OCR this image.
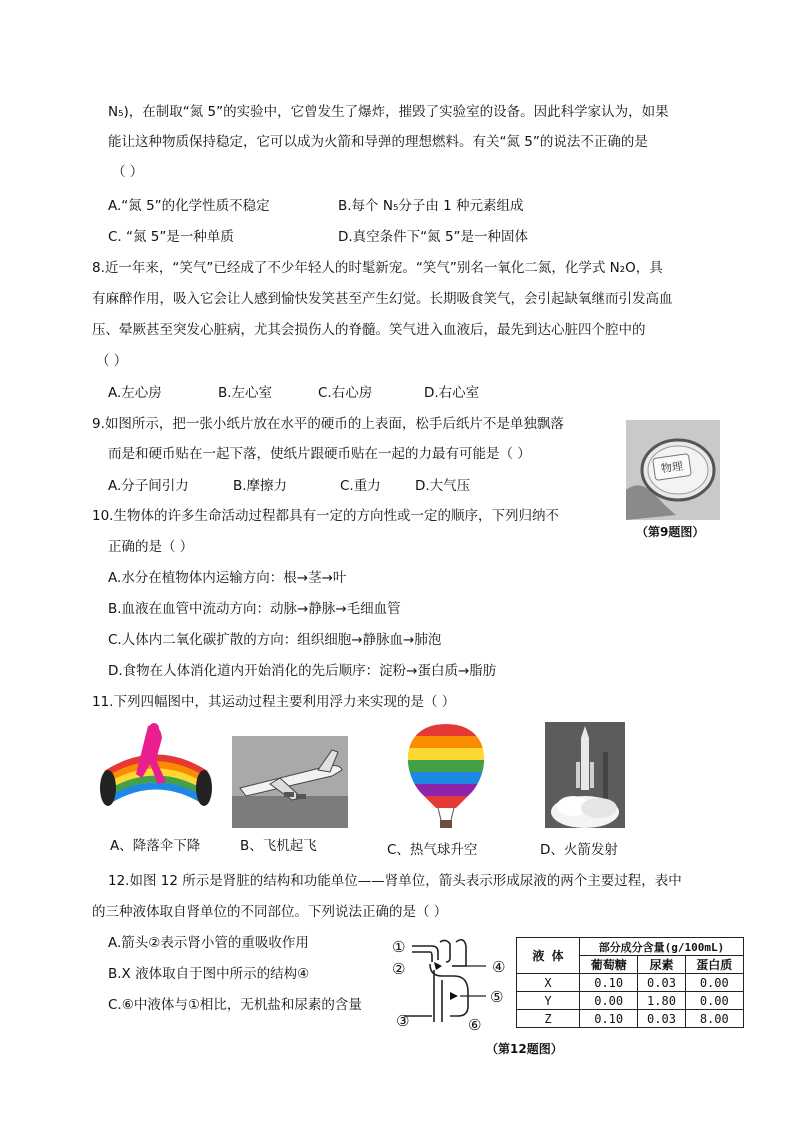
N₅)，在制取“氮 5”的实验中，它曾发生了爆炸，摧毁了实验室的设备。因此科学家认为，如果
能让这种物质保持稳定，它可以成为火箭和导弹的理想燃料。有关“氮 5”的说法不正确的是
（ ）
A.“氮 5”的化学性质不稳定	B.每个 N₅分子由 1 种元素组成
C. “氮 5”是一种单质	D.真空条件下“氮 5”是一种固体
8.近一年来，“笑气”已经成了不少年轻人的时髦新宠。“笑气”别名一氧化二氮，化学式 N₂O，具
有麻醉作用，吸入它会让人感到愉快发笑甚至产生幻觉。长期吸食笑气，会引起缺氧继而引发高血
压、晕厥甚至突发心脏病，尤其会损伤人的脊髓。笑气进入血液后，最先到达心脏四个腔中的
（ ）
A.左心房	B.左心室	C.右心房	D.右心室
9.如图所示，把一张小纸片放在水平的硬币的上表面，松手后纸片不是单独飘落
而是和硬币贴在一起下落，使纸片跟硬币贴在一起的力最有可能是（ ）
A.分子间引力	B.摩擦力	C.重力	D.大气压
物理
（第9题图）
10.生物体的许多生命活动过程都具有一定的方向性或一定的顺序，下列归纳不
正确的是（ ）
A.水分在植物体内运输方向：根→茎→叶
B.血液在血管中流动方向：动脉→静脉→毛细血管
C.人体内二氧化碳扩散的方向：组织细胞→静脉血→肺泡
D.食物在人体消化道内开始消化的先后顺序：淀粉→蛋白质→脂肪
11.下列四幅图中，其运动过程主要利用浮力来实现的是（ ）
A、降落伞下降	B、飞机起飞	C、热气球升空	D、火箭发射
12.如图 12 所示是肾脏的结构和功能单位——肾单位，箭头表示形成尿液的两个主要过程，表中
的三种液体取自肾单位的不同部位。下列说法正确的是（ ）
A.箭头②表示肾小管的重吸收作用
B.X 液体取自于图中所示的结构④
C.⑥中液体与①相比，无机盐和尿素的含量
①
②
③
④
⑤
⑥
液 体	部分成分含量(g/100mL)		
	葡萄糖	尿素	蛋白质
X	0.10	0.03	0.00
Y	0.00	1.80	0.00
Z	0.10	0.03	8.00
（第12题图）
